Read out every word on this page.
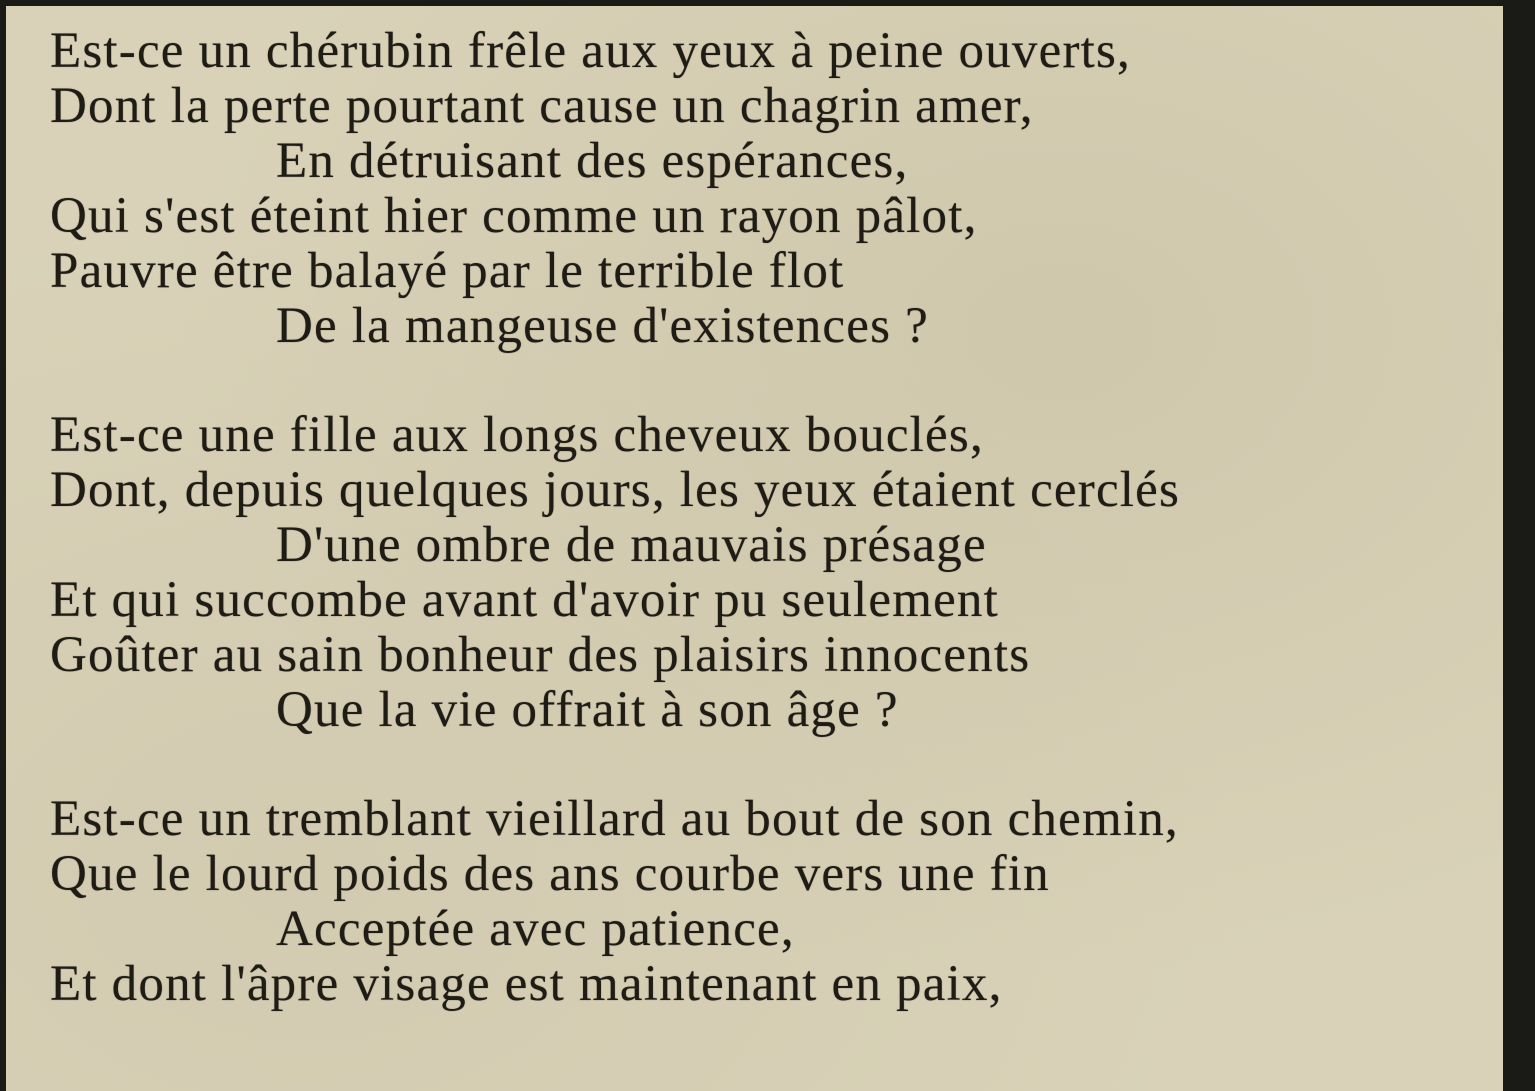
Est-ce un chérubin frêle aux yeux à peine ouverts,
Dont la perte pourtant cause un chagrin amer,
En détruisant des espérances,
Qui s'est éteint hier comme un rayon pâlot,
Pauvre être balayé par le terrible flot
De la mangeuse d'existences ?
Est-ce une fille aux longs cheveux bouclés,
Dont, depuis quelques jours, les yeux étaient cerclés
D'une ombre de mauvais présage
Et qui succombe avant d'avoir pu seulement
Goûter au sain bonheur des plaisirs innocents
Que la vie offrait à son âge ?
Est-ce un tremblant vieillard au bout de son chemin,
Que le lourd poids des ans courbe vers une fin
Acceptée avec patience,
Et dont l'âpre visage est maintenant en paix,
